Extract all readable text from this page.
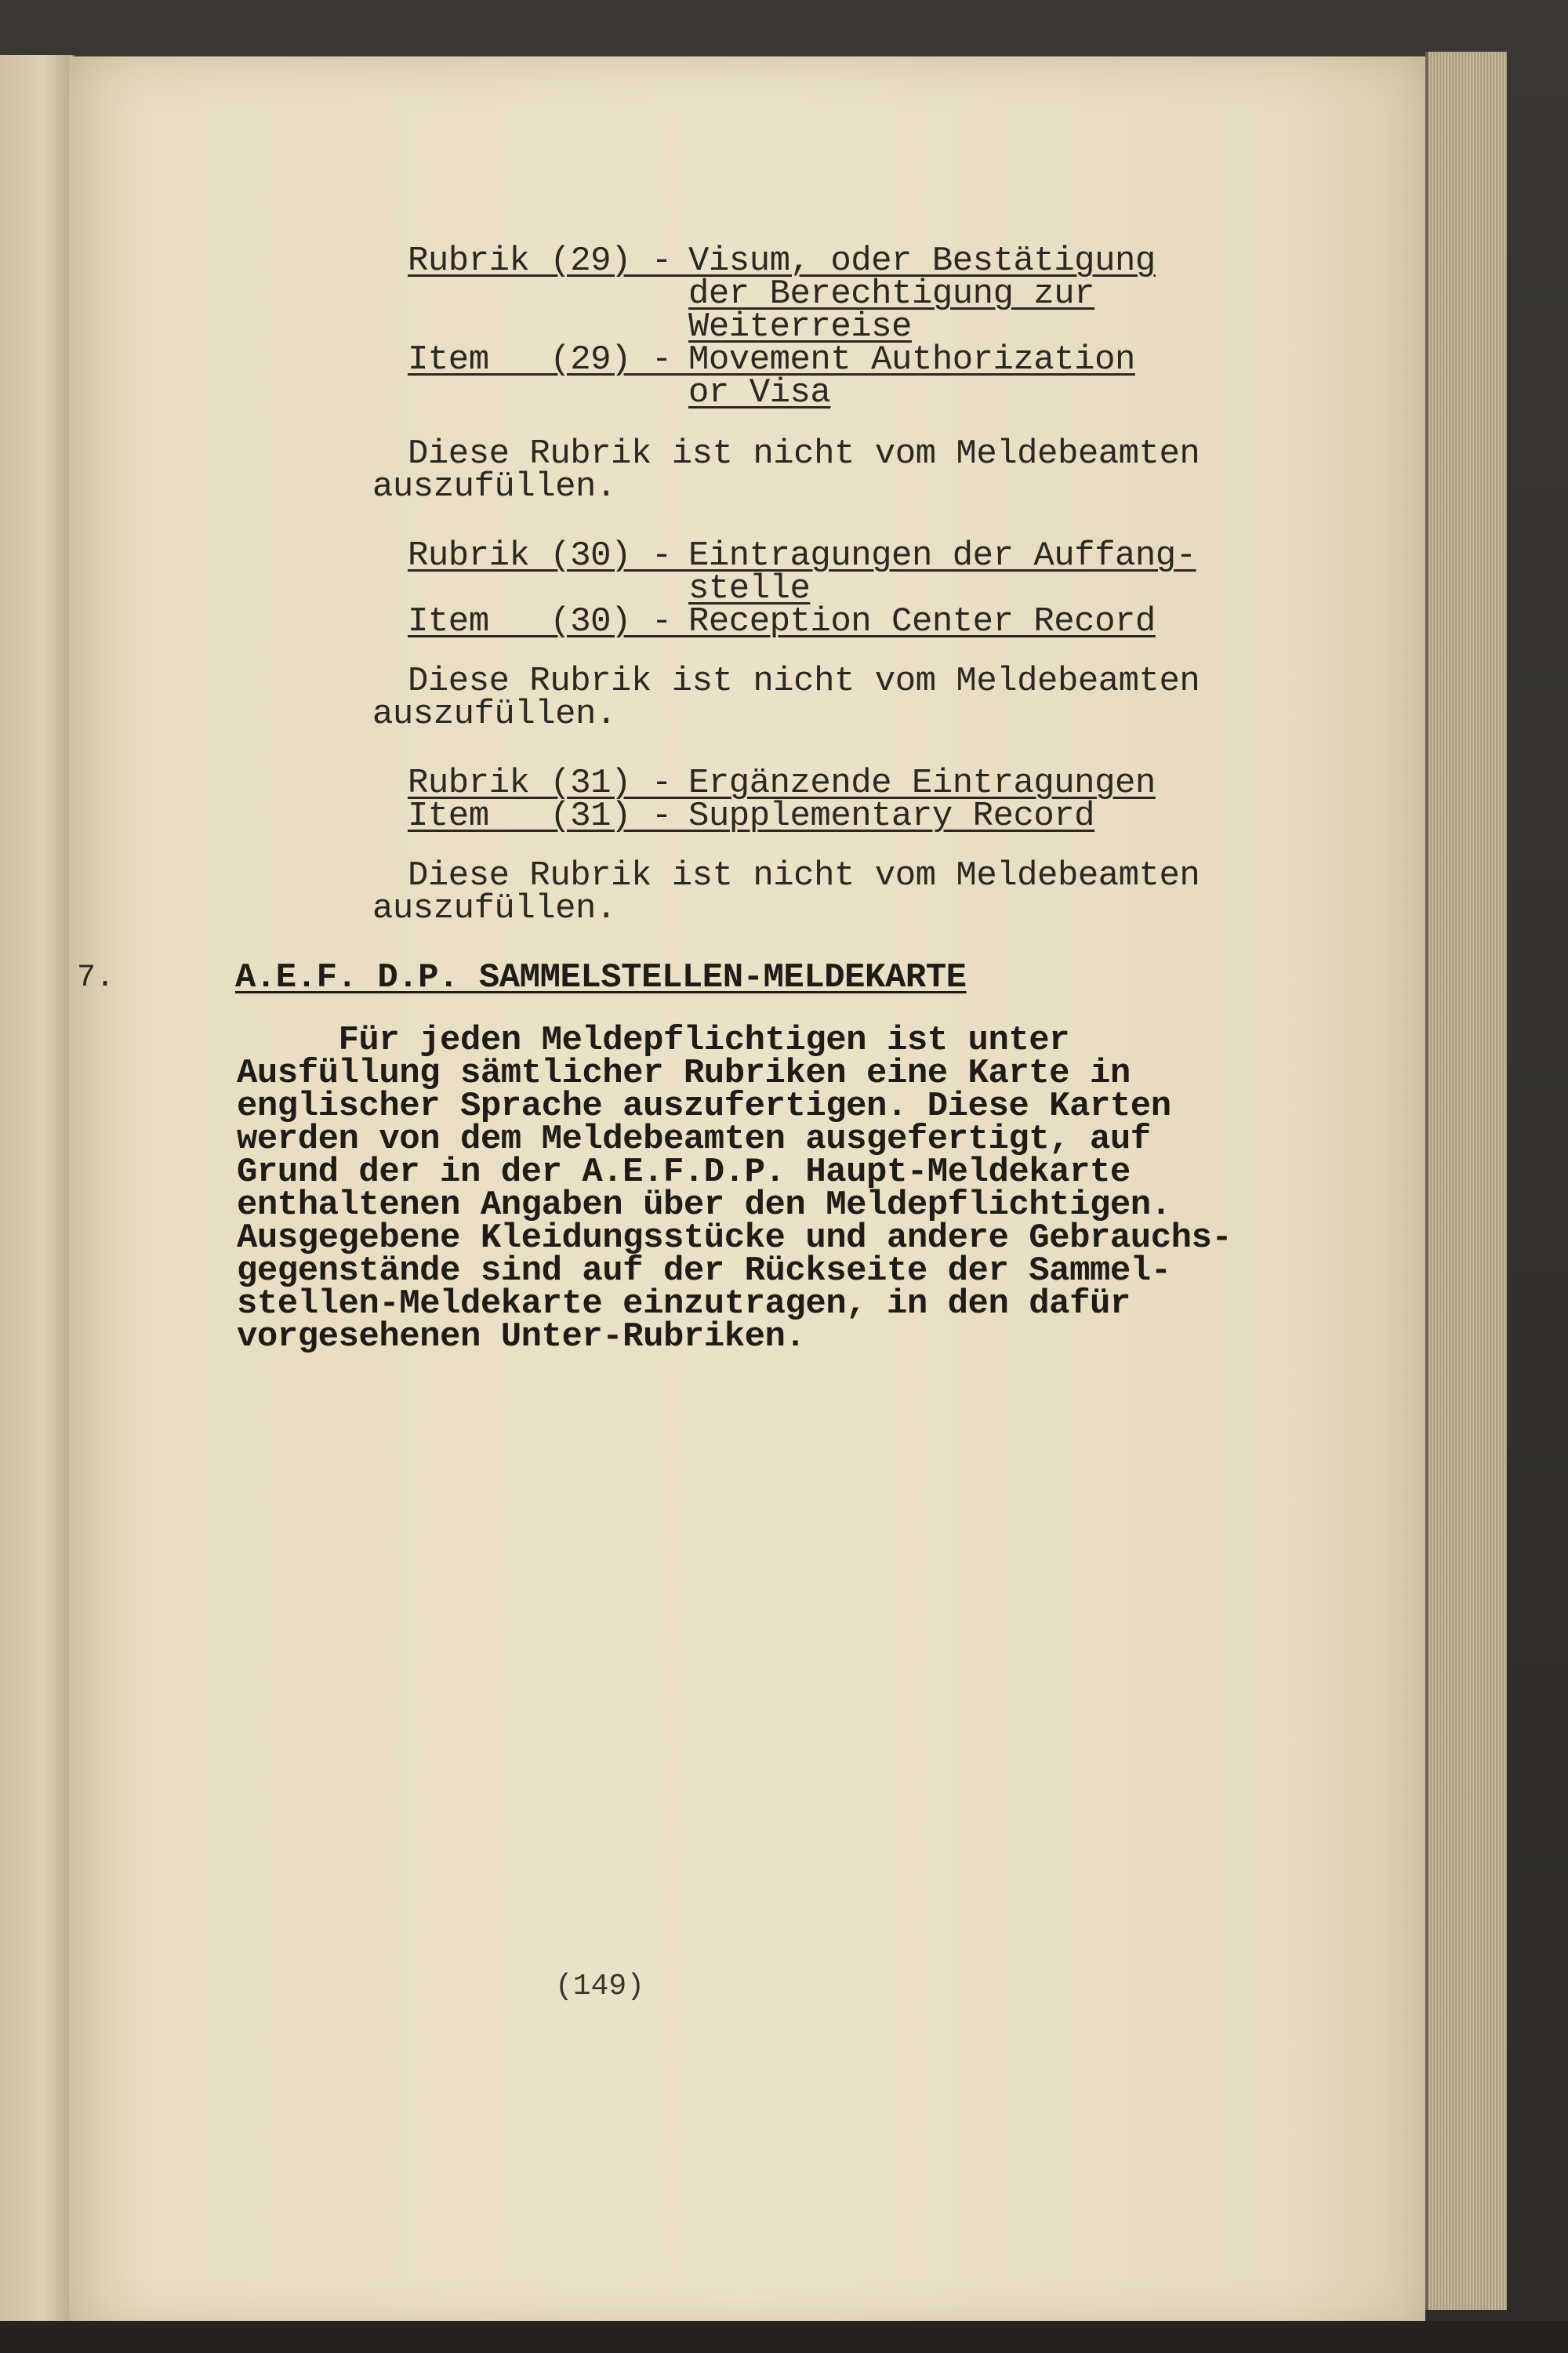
Rubrik (29) -
Visum, oder Bestätigung
der Berechtigung zur
Weiterreise
Item   (29) -
Movement Authorization
or Visa
Diese Rubrik ist nicht vom Meldebeamten
auszufüllen.
Rubrik (30) -
Eintragungen der Auffang-
stelle
Item   (30) -
Reception Center Record
Diese Rubrik ist nicht vom Meldebeamten
auszufüllen.
Rubrik (31) -
Ergänzende Eintragungen
Item   (31) -
Supplementary Record
Diese Rubrik ist nicht vom Meldebeamten
auszufüllen.
7.	A.E.F. D.P. SAMMELSTELLEN-MELDEKARTE
Für jeden Meldepflichtigen ist unter
Ausfüllung sämtlicher Rubriken eine Karte in
englischer Sprache auszufertigen. Diese Karten
werden von dem Meldebeamten ausgefertigt, auf
Grund der in der A.E.F.D.P. Haupt-Meldekarte
enthaltenen Angaben über den Meldepflichtigen.
Ausgegebene Kleidungsstücke und andere Gebrauchs-
gegenstände sind auf der Rückseite der Sammel-
stellen-Meldekarte einzutragen, in den dafür
vorgesehenen Unter-Rubriken.
(149)
